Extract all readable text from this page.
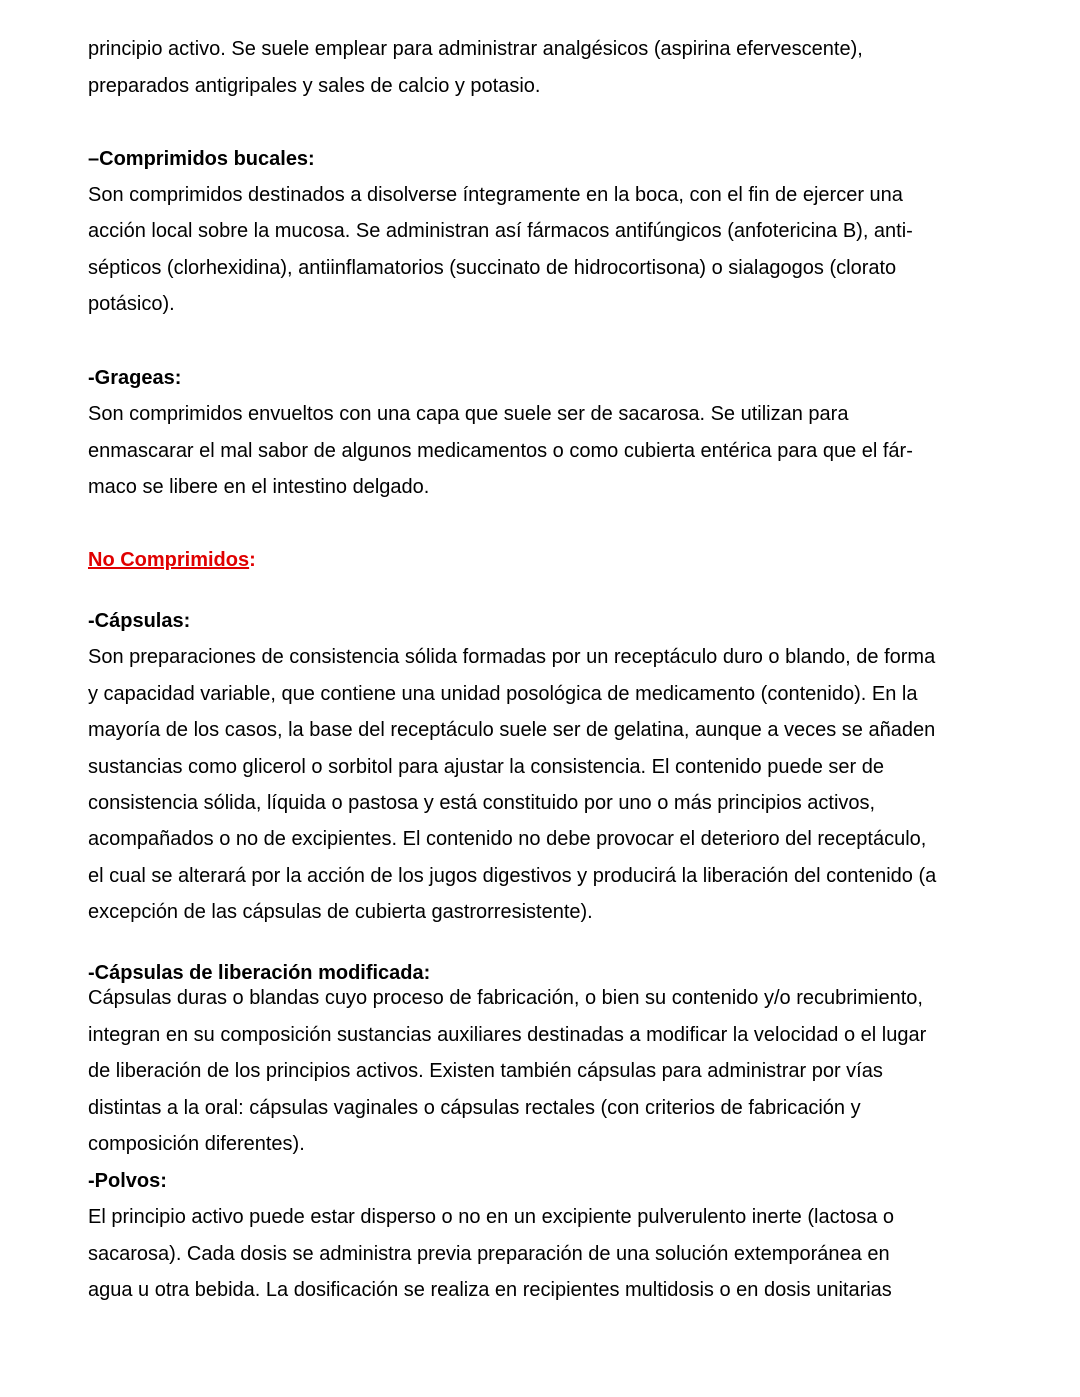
principio activo. Se suele emplear para administrar analgésicos (aspirina efervescente),
preparados antigripales y sales de calcio y potasio.
–Comprimidos bucales:
Son comprimidos destinados a disolverse íntegramente en la boca, con el fin de ejercer una
acción local sobre la mucosa. Se administran así fármacos antifúngicos (anfotericina B), anti-
sépticos (clorhexidina), antiinflamatorios (succinato de hidrocortisona) o sialagogos (clorato
potásico).
-Grageas:
Son comprimidos envueltos con una capa que suele ser de sacarosa. Se utilizan para
enmascarar el mal sabor de algunos medicamentos o como cubierta entérica para que el fár-
maco se libere en el intestino delgado.
No Comprimidos:
-Cápsulas:
Son preparaciones de consistencia sólida formadas por un receptáculo duro o blando, de forma
y capacidad variable, que contiene una unidad posológica de medicamento (contenido). En la
mayoría de los casos, la base del receptáculo suele ser de gelatina, aunque a veces se añaden
sustancias como glicerol o sorbitol para ajustar la consistencia. El contenido puede ser de
consistencia sólida, líquida o pastosa y está constituido por uno o más principios activos,
acompañados o no de excipientes. El contenido no debe provocar el deterioro del receptáculo,
el cual se alterará por la acción de los jugos digestivos y producirá la liberación del contenido (a
excepción de las cápsulas de cubierta gastrorresistente).
-Cápsulas de liberación modificada:
Cápsulas duras o blandas cuyo proceso de fabricación, o bien su contenido y/o recubrimiento,
integran en su composición sustancias auxiliares destinadas a modificar la velocidad o el lugar
de liberación de los principios activos. Existen también cápsulas para administrar por vías
distintas a la oral: cápsulas vaginales o cápsulas rectales (con criterios de fabricación y
composición diferentes).
-Polvos:
El principio activo puede estar disperso o no en un excipiente pulverulento inerte (lactosa o
sacarosa). Cada dosis se administra previa preparación de una solución extemporánea en
agua u otra bebida. La dosificación se realiza en recipientes multidosis o en dosis unitarias
